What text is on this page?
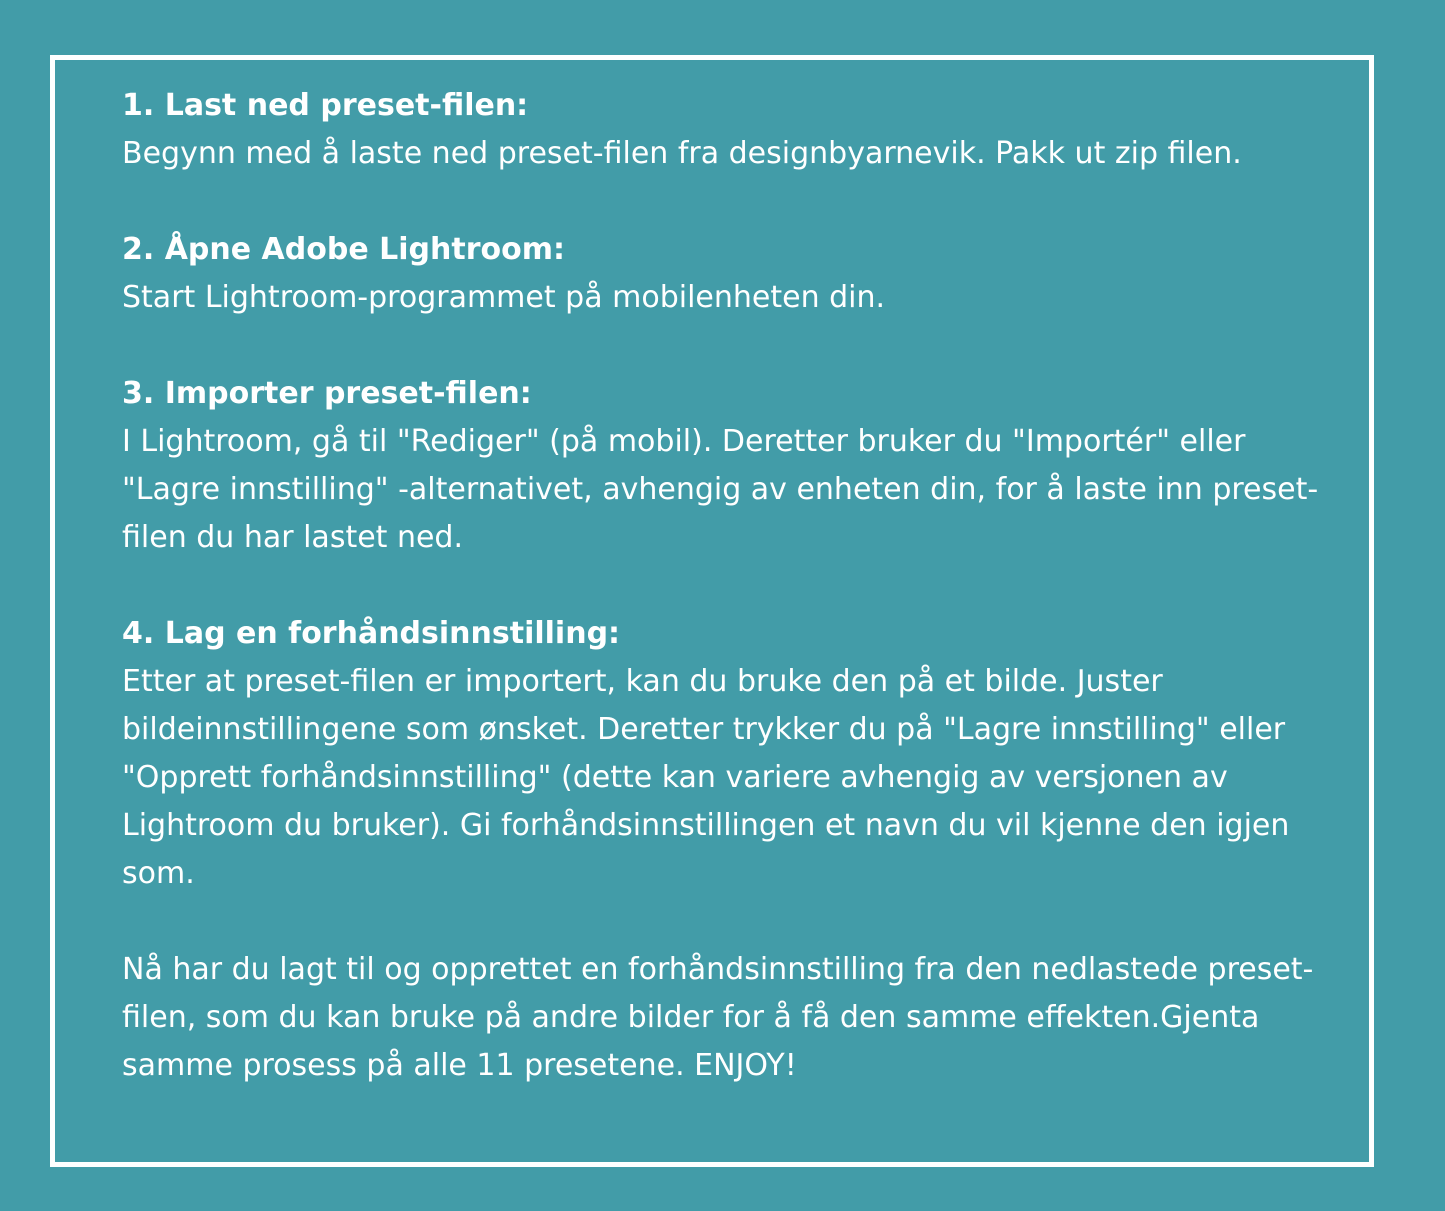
1. Last ned preset-filen:
Begynn med å laste ned preset-filen fra designbyarnevik. Pakk ut zip filen.
2. Åpne Adobe Lightroom:
Start Lightroom-programmet på mobilenheten din.
3. Importer preset-filen:
I Lightroom, gå til "Rediger" (på mobil). Deretter bruker du "Importér" eller "Lagre innstilling" -alternativet, avhengig av enheten din, for å laste inn preset-filen du har lastet ned.
4. Lag en forhåndsinnstilling:
Etter at preset-filen er importert, kan du bruke den på et bilde. Juster bildeinnstillingene som ønsket. Deretter trykker du på "Lagre innstilling" eller "Opprett forhåndsinnstilling" (dette kan variere avhengig av versjonen av Lightroom du bruker). Gi forhåndsinnstillingen et navn du vil kjenne den igjen som.

Nå har du lagt til og opprettet en forhåndsinnstilling fra den nedlastede preset-filen, som du kan bruke på andre bilder for å få den samme effekten.Gjenta samme prosess på alle 11 presetene. ENJOY!
